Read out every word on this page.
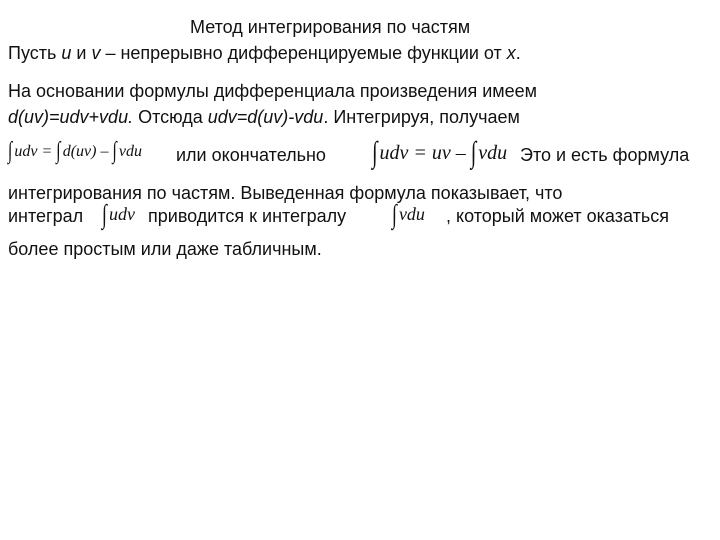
Метод интегрирования по частям
Пусть u и v – непрерывно дифференцируемые функции от x.
На основании формулы дифференциала произведения имеем
d(uv)=udv+vdu. Отсюда udv=d(uv)-vdu. Интегрируя, получаем
∫ udv = ∫ d(uv) – ∫ vdu или окончательно ∫ udv = uv – ∫ vdu Это и есть формула
интегрирования по частям. Выведенная формула показывает, что
интеграл ∫ udv приводится к интегралу	∫ vdu , который может оказаться
более простым или даже табличным.
